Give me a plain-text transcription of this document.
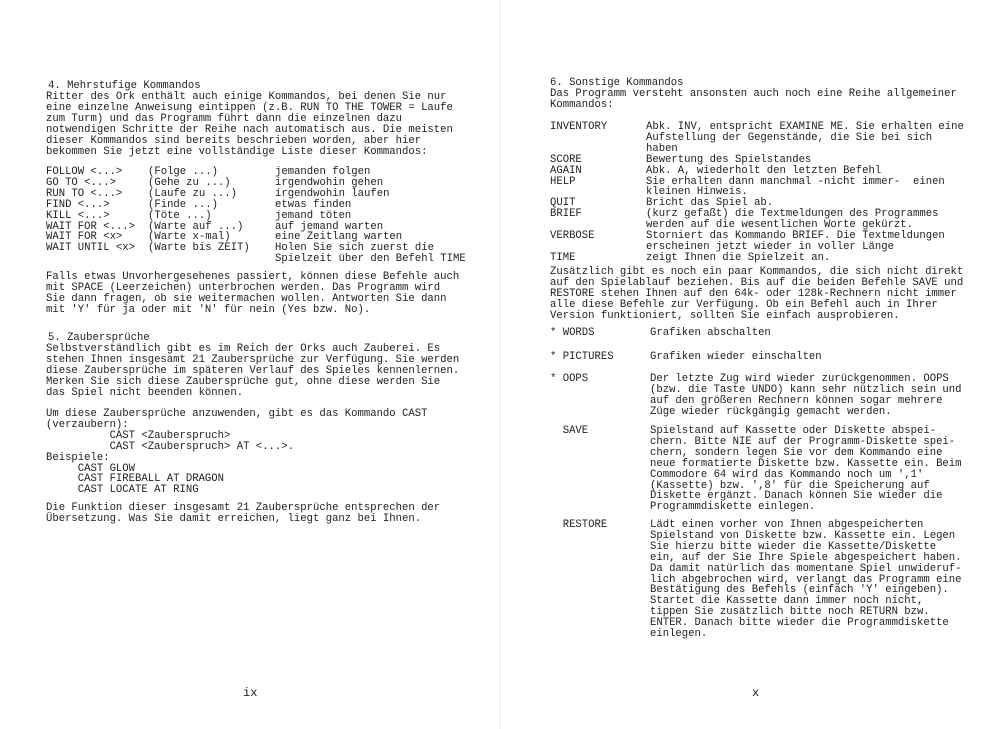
4. Mehrstufige Kommandos
Ritter des Ork enthält auch einige Kommandos, bei denen Sie nur
eine einzelne Anweisung eintippen (z.B. RUN TO THE TOWER = Laufe
zum Turm) und das Programm führt dann die einzelnen dazu
notwendigen Schritte der Reihe nach automatisch aus. Die meisten
dieser Kommandos sind bereits beschrieben worden, aber hier
bekommen Sie jetzt eine vollständige Liste dieser Kommandos:
FOLLOW <...>	(Folge ...)	jemanden folgen
GO TO <...>	(Gehe zu ...)	irgendwohin gehen
RUN TO <...>	(Laufe zu ...)	irgendwohin laufen
FIND <...>	(Finde ...)	etwas finden
KILL <...>	(Töte ...)	jemand töten
WAIT FOR <...>	(Warte auf ...)	auf jemand warten
WAIT FOR <x>	(Warte x-mal)	eine Zeitlang warten
WAIT UNTIL <x>	(Warte bis ZEIT)	Holen Sie sich zuerst die
Spielzeit über den Befehl TIME
Falls etwas Unvorhergesehenes passiert, können diese Befehle auch
mit SPACE (Leerzeichen) unterbrochen werden. Das Programm wird
Sie dann fragen, ob sie weitermachen wollen. Antworten Sie dann
mit 'Y' für ja oder mit 'N' für nein (Yes bzw. No).
5. Zaubersprüche
Selbstverständlich gibt es im Reich der Orks auch Zauberei. Es
stehen Ihnen insgesamt 21 Zaubersprüche zur Verfügung. Sie werden
diese Zaubersprüche im späteren Verlauf des Spieles kennenlernen.
Merken Sie sich diese Zaubersprüche gut, ohne diese werden Sie
das Spiel nicht beenden können.
Um diese Zaubersprüche anzuwenden, gibt es das Kommando CAST
(verzaubern):
CAST <Zauberspruch>
CAST <Zauberspruch> AT <...>.
Beispiele:
CAST GLOW
CAST FIREBALL AT DRAGON
CAST LOCATE AT RING
Die Funktion dieser insgesamt 21 Zaubersprüche entsprechen der
Übersetzung. Was Sie damit erreichen, liegt ganz bei Ihnen.
ix
6. Sonstige Kommandos
Das Programm versteht ansonsten auch noch eine Reihe allgemeiner
Kommandos:
INVENTORY	Abk. INV, entspricht EXAMINE ME. Sie erhalten eine
Aufstellung der Gegenstände, die Sie bei sich
haben
SCORE	Bewertung des Spielstandes
AGAIN	Abk. A, wiederholt den letzten Befehl
HELP	Sie erhalten dann manchmal -nicht immer-  einen
kleinen Hinweis.
QUIT	Bricht das Spiel ab.
BRIEF	(kurz gefaßt) die Textmeldungen des Programmes
werden auf die wesentlichen Worte gekürzt.
VERBOSE	Storniert das Kommando BRIEF. Die Textmeldungen
erscheinen jetzt wieder in voller Länge
TIME	zeigt Ihnen die Spielzeit an.
Zusätzlich gibt es noch ein paar Kommandos, die sich nicht direkt
auf den Spielablauf beziehen. Bis auf die beiden Befehle SAVE und
RESTORE stehen Ihnen auf den 64k- oder 128k-Rechnern nicht immer
alle diese Befehle zur Verfügung. Ob ein Befehl auch in Ihrer
Version funktioniert, sollten Sie einfach ausprobieren.
* WORDS	Grafiken abschalten
* PICTURES	Grafiken wieder einschalten
* OOPS	Der letzte Zug wird wieder zurückgenommen. OOPS
(bzw. die Taste UNDO) kann sehr nützlich sein und
auf den größeren Rechnern können sogar mehrere
Züge wieder rückgängig gemacht werden.
SAVE	Spielstand auf Kassette oder Diskette abspei-
chern. Bitte NIE auf der Programm-Diskette spei-
chern, sondern legen Sie vor dem Kommando eine
neue formatierte Diskette bzw. Kassette ein. Beim
Commodore 64 wird das Kommando noch um ',1'
(Kassette) bzw. ',8' für die Speicherung auf
Diskette ergänzt. Danach können Sie wieder die
Programmdiskette einlegen.
RESTORE	Lädt einen vorher von Ihnen abgespeicherten
Spielstand von Diskette bzw. Kassette ein. Legen
Sie hierzu bitte wieder die Kassette/Diskette
ein, auf der Sie Ihre Spiele abgespeichert haben.
Da damit natürlich das momentane Spiel unwideruf-
lich abgebrochen wird, verlangt das Programm eine
Bestätigung des Befehls (einfach 'Y' eingeben).
Startet die Kassette dann immer noch nicht,
tippen Sie zusätzlich bitte noch RETURN bzw.
ENTER. Danach bitte wieder die Programmdiskette
einlegen.
x
